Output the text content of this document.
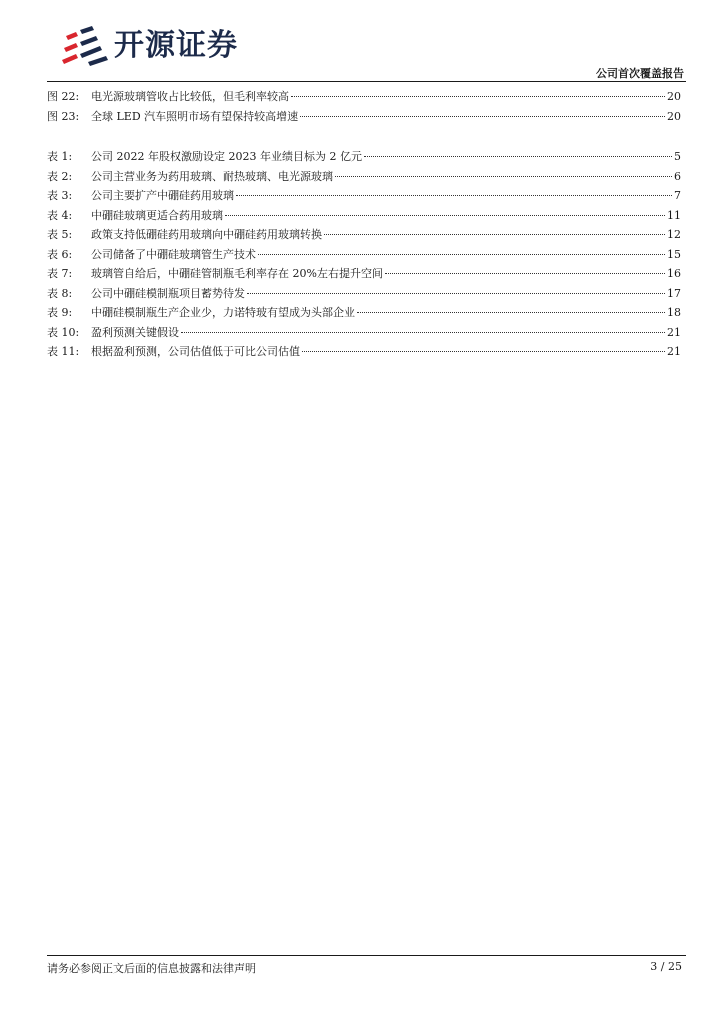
开源证券
公司首次覆盖报告
图 22:	电光源玻璃管收占比较低，但毛利率较高	20
图 23:	全球 LED 汽车照明市场有望保持较高增速	20
表 1:	公司 2022 年股权激励设定 2023 年业绩目标为 2 亿元	5
表 2:	公司主营业务为药用玻璃、耐热玻璃、电光源玻璃	6
表 3:	公司主要扩产中硼硅药用玻璃	7
表 4:	中硼硅玻璃更适合药用玻璃	11
表 5:	政策支持低硼硅药用玻璃向中硼硅药用玻璃转换	12
表 6:	公司储备了中硼硅玻璃管生产技术	15
表 7:	玻璃管自给后，中硼硅管制瓶毛利率存在 20%左右提升空间	16
表 8:	公司中硼硅模制瓶项目蓄势待发	17
表 9:	中硼硅模制瓶生产企业少，力诺特玻有望成为头部企业	18
表 10:	盈利预测关键假设	21
表 11:	根据盈利预测，公司估值低于可比公司估值	21
请务必参阅正文后面的信息披露和法律声明	3 / 25
